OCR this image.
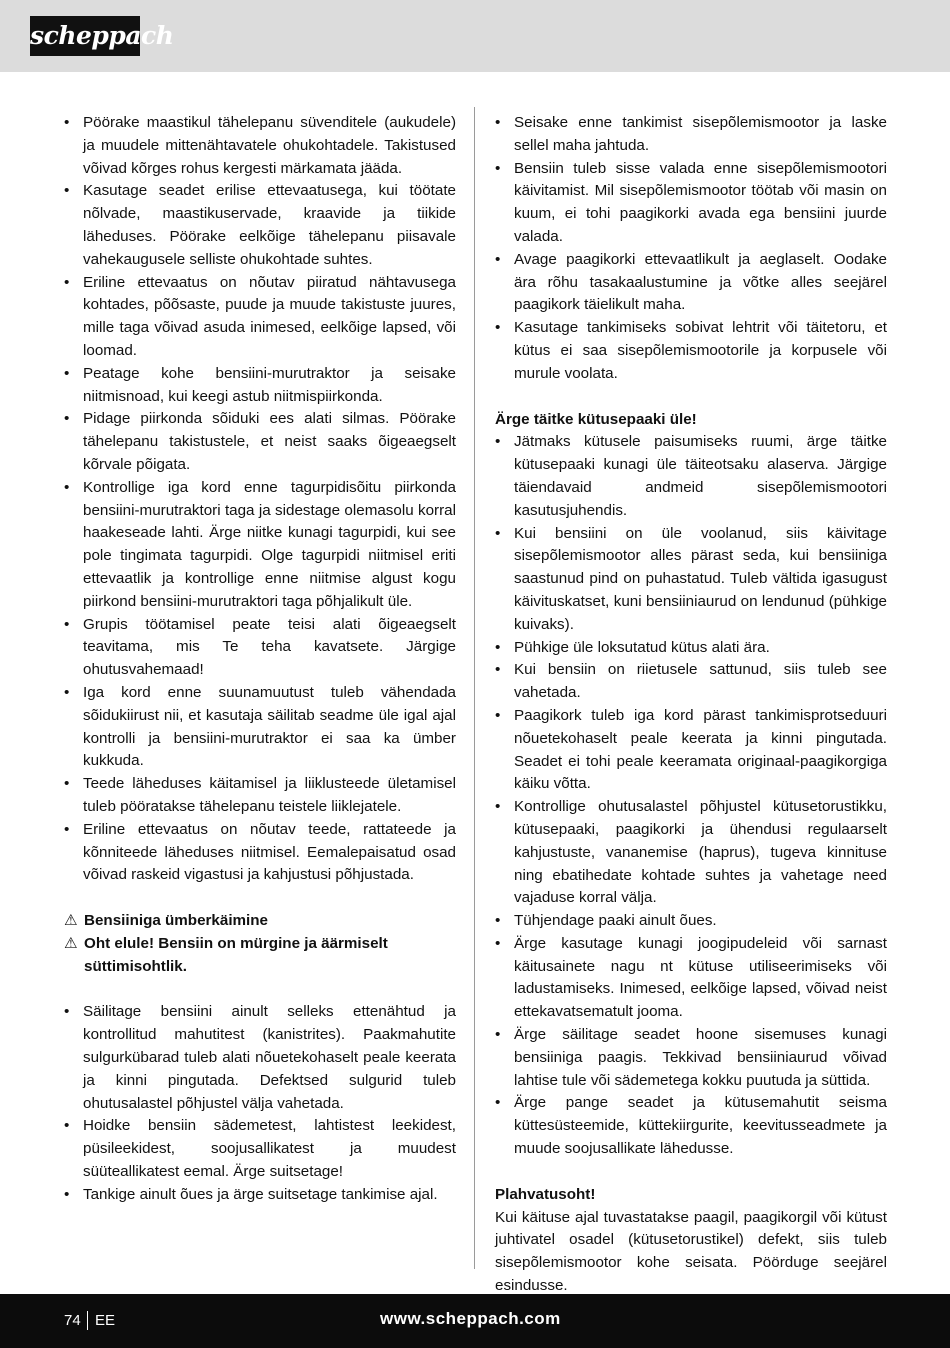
scheppach
• Pöörake maastikul tähelepanu süvenditele (aukudele) ja muudele mittenähtavatele ohukohtadele. Takistused võivad kõrges rohus kergesti märkamata jääda.
• Kasutage seadet erilise ettevaatusega, kui töötate nõlvade, maastikuservade, kraavide ja tiikide läheduses. Pöörake eelkõige tähelepanu piisavale vahekaugusele selliste ohukohtade suhtes.
• Eriline ettevaatus on nõutav piiratud nähtavusega kohtades, põõsaste, puude ja muude takistuste juures, mille taga võivad asuda inimesed, eelkõige lapsed, või loomad.
• Peatage kohe bensiini-murutraktor ja seisake niitmisnoad, kui keegi astub niitmispiirkonda.
• Pidage piirkonda sõiduki ees alati silmas. Pöörake tähelepanu takistustele, et neist saaks õigeaegselt kõrvale põigata.
• Kontrollige iga kord enne tagurpidisõitu piirkonda bensiini-murutraktori taga ja sidestage olemasolu korral haakeseade lahti. Ärge niitke kunagi tagurpidi, kui see pole tingimata tagurpidi. Olge tagurpidi niitmisel eriti ettevaatlik ja kontrollige enne niitmise algust kogu piirkond bensiini-murutraktori taga põhjalikult üle.
• Grupis töötamisel peate teisi alati õigeaegselt teavitama, mis Te teha kavatsete. Järgige ohutusvahemaad!
• Iga kord enne suunamuutust tuleb vähendada sõidukiirust nii, et kasutaja säilitab seadme üle igal ajal kontrolli ja bensiini-murutraktor ei saa ka ümber kukkuda.
• Teede läheduses käitamisel ja liiklusteede ületamisel tuleb pööratakse tähelepanu teistele liiklejatele.
• Eriline ettevaatus on nõutav teede, rattateede ja kõnniteede läheduses niitmisel. Eemalepaisatud osad võivad raskeid vigastusi ja kahjustusi põhjustada.
⚠ Bensiiniga ümberkäimine
⚠ Oht elule! Bensiin on mürgine ja äärmiselt süttimisohtlik.
• Säilitage bensiini ainult selleks ettenähtud ja kontrollitud mahutitest (kanistrites). Paakmahutite sulgurkübarad tuleb alati nõuetekohaselt peale keerata ja kinni pingutada. Defektsed sulgurid tuleb ohutusalastel põhjustel välja vahetada.
• Hoidke bensiin sädemetest, lahtistest leekidest, püsileekidest, soojusallikatest ja muudest süüteallikatest eemal. Ärge suitsetage!
• Tankige ainult õues ja ärge suitsetage tankimise ajal.
• Seisake enne tankimist sisepõlemismootor ja laske sellel maha jahtuda.
• Bensiin tuleb sisse valada enne sisepõlemismootori käivitamist. Mil sisepõlemismootor töötab või masin on kuum, ei tohi paagikorki avada ega bensiini juurde valada.
• Avage paagikorki ettevaatlikult ja aeglaselt. Oodake ära rõhu tasakaalustumine ja võtke alles seejärel paagikork täielikult maha.
• Kasutage tankimiseks sobivat lehtrit või täitetoru, et kütus ei saa sisepõlemismootorile ja korpusele või murule voolata.

Ärge täitke kütusepaaki üle!

• Jätmaks kütusele paisumiseks ruumi, ärge täitke kütusepaaki kunagi üle täiteotsaku alaserva. Järgige täiendavaid andmeid sisepõlemismootori kasutusjuhendis.
• Kui bensiini on üle voolanud, siis käivitage sisepõlemismootor alles pärast seda, kui bensiiniga saastunud pind on puhastatud. Tuleb vältida igasugust käivituskatset, kuni bensiiniaurud on lendunud (pühkige kuivaks).
• Pühkige üle loksutatud kütus alati ära.
• Kui bensiin on riietusele sattunud, siis tuleb see vahetada.
• Paagikork tuleb iga kord pärast tankimisprotseduuri nõuetekohaselt peale keerata ja kinni pingutada. Seadet ei tohi peale keeramata originaal-paagikorgiga käiku võtta.
• Kontrollige ohutusalastel põhjustel kütusetorustikku, kütusepaaki, paagikorki ja ühendusi regulaarselt kahjustuste, vananemise (haprus), tugeva kinnituse ning ebatihedate kohtade suhtes ja vahetage need vajaduse korral välja.
• Tühjendage paaki ainult õues.
• Ärge kasutage kunagi joogipudeleid või sarnast käitusainete nagu nt kütuse utiliseerimiseks või ladustamiseks. Inimesed, eelkõige lapsed, võivad neist ettekavatsematult jooma.
• Ärge säilitage seadet hoone sisemuses kunagi bensiiniga paagis. Tekkivad bensiiniaurud võivad lahtise tule või sädemetega kokku puutuda ja süttida.
• Ärge pange seadet ja kütusemahutit seisma küttesüsteemide, küttekiirgurite, keevitusseadmete ja muude soojusallikate lähedusse.

Plahvatusoht!

Kui käituse ajal tuvastatakse paagil, paagikorgil või kütust juhtivatel osadel (kütusetorustikel) defekt, siis tuleb sisepõlemismootor kohe seisata. Pöörduge seejärel esindusse.

74 EE	www.scheppach.com
